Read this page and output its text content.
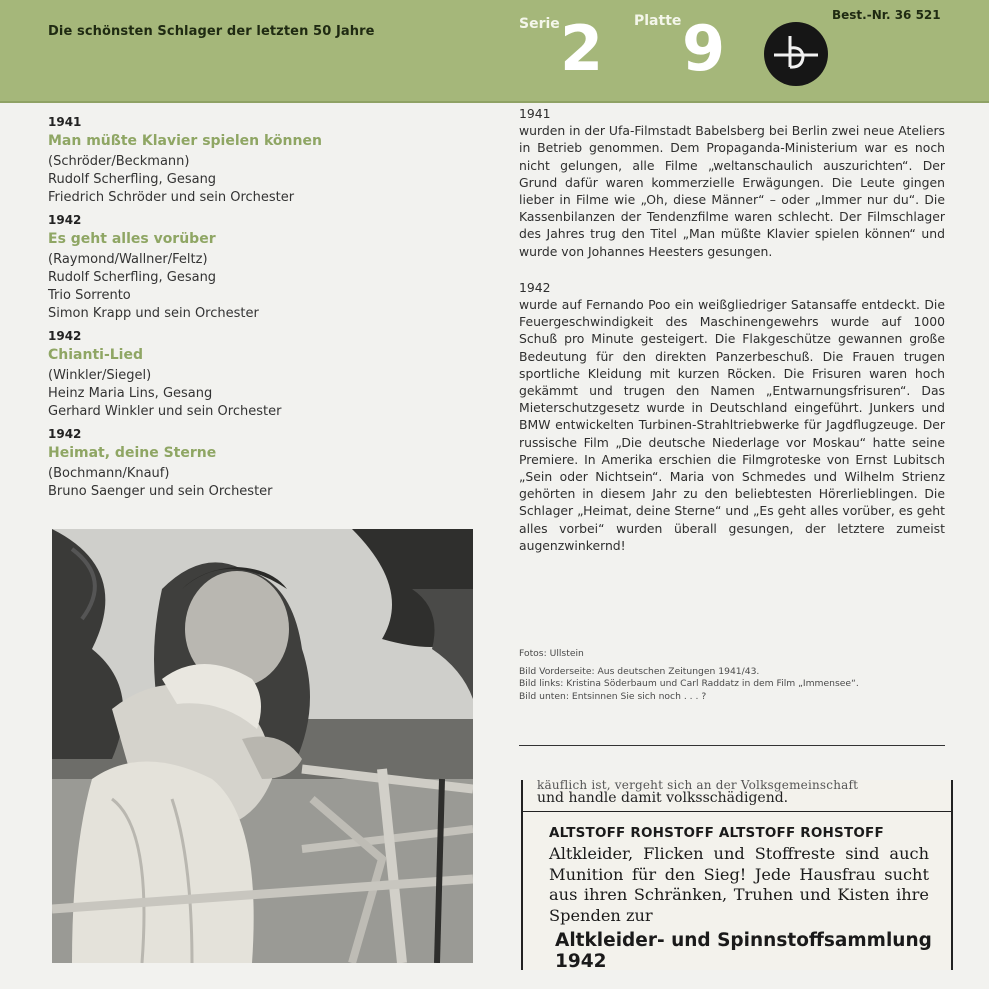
Die schönsten Schlager der letzten 50 Jahre	Serie 2 Platte 9	Best.-Nr. 36 521
1941
Man müßte Klavier spielen können
(Schröder/Beckmann)
Rudolf Scherfling, Gesang
Friedrich Schröder und sein Orchester
1942
Es geht alles vorüber
(Raymond/Wallner/Feltz)
Rudolf Scherfling, Gesang
Trio Sorrento
Simon Krapp und sein Orchester
1942
Chianti-Lied
(Winkler/Siegel)
Heinz Maria Lins, Gesang
Gerhard Winkler und sein Orchester
1942
Heimat, deine Sterne
(Bochmann/Knauf)
Bruno Saenger und sein Orchester
1941
wurden in der Ufa-Filmstadt Babelsberg bei Berlin zwei neue Ateliers in Betrieb genommen. Dem Propaganda-Ministerium war es noch nicht gelungen, alle Filme „weltanschaulich auszurichten“. Der Grund dafür waren kommerzielle Erwägungen. Die Leute gingen lieber in Filme wie „Oh, diese Männer“ – oder „Immer nur du“. Die Kassenbilanzen der Tendenzfilme waren schlecht. Der Filmschlager des Jahres trug den Titel „Man müßte Klavier spielen können“ und wurde von Johannes Heesters gesungen.
1942
wurde auf Fernando Poo ein weißgliedriger Satansaffe entdeckt. Die Feuergeschwindigkeit des Maschinengewehrs wurde auf 1000 Schuß pro Minute gesteigert. Die Flakgeschütze gewannen große Bedeutung für den direkten Panzerbeschuß. Die Frauen trugen sportliche Kleidung mit kurzen Röcken. Die Frisuren waren hoch gekämmt und trugen den Namen „Entwarnungsfrisuren“. Das Mieterschutzgesetz wurde in Deutschland eingeführt. Junkers und BMW entwickelten Turbinen-Strahltriebwerke für Jagdflugzeuge. Der russische Film „Die deutsche Niederlage vor Moskau“ hatte seine Premiere. In Amerika erschien die Filmgroteske von Ernst Lubitsch „Sein oder Nichtsein“. Maria von Schmedes und Wilhelm Strienz gehörten in diesem Jahr zu den beliebtesten Hörerlieblingen. Die Schlager „Heimat, deine Sterne“ und „Es geht alles vorüber, es geht alles vorbei“ wurden überall gesungen, der letztere zumeist augenzwinkernd!
Fotos: Ullstein
Bild Vorderseite: Aus deutschen Zeitungen 1941/43.
Bild links: Kristina Söderbaum und Carl Raddatz in dem Film „Immensee“.
Bild unten: Entsinnen Sie sich noch . . . ?
käuflich ist, vergeht sich an der Volksgemeinschaft
und handle damit volksschädigend.
ALTSTOFF ROHSTOFF ALTSTOFF ROHSTOFF
Altkleider, Flicken und Stoffreste sind auch Munition für den Sieg! Jede Hausfrau sucht aus ihren Schränken, Truhen und Kisten ihre Spenden zur
Altkleider- und Spinnstoffsammlung 1942
